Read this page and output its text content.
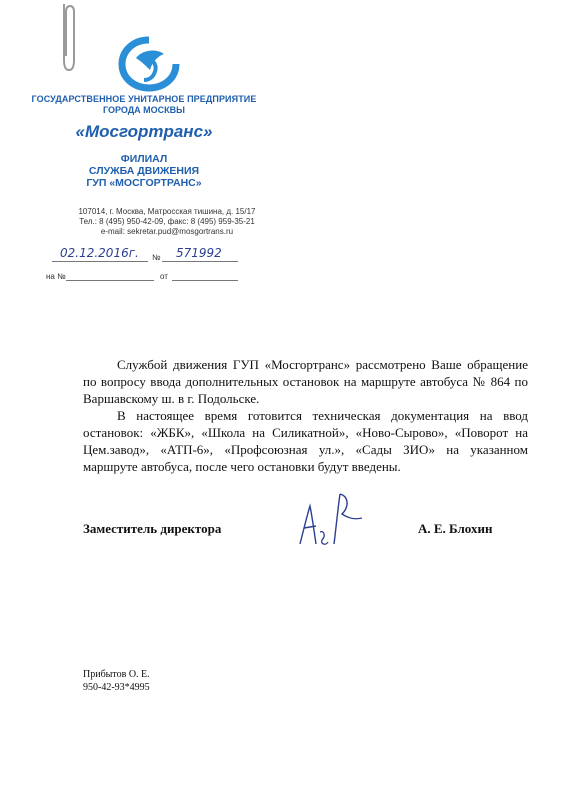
ГОСУДАРСТВЕННОЕ УНИТАРНОЕ ПРЕДПРИЯТИЕ
ГОРОДА МОСКВЫ
«Мосгортранс»
ФИЛИАЛ
СЛУЖБА ДВИЖЕНИЯ
ГУП «МОСГОРТРАНС»
107014, г. Москва, Матросская тишина, д. 15/17
Тел.: 8 (495) 950-42-09, факс: 8 (495) 959-35-21
e-mail: sekretar.pud@mosgortrans.ru
02.12.2016г. № 571992
на №	от

Службой движения ГУП «Мосгортранс» рассмотрено Ваше обращение по вопросу ввода дополнительных остановок на маршруте автобуса № 864 по Варшавскому ш. в г. Подольске.

В настоящее время готовится техническая документация на ввод остановок: «ЖБК», «Школа на Силикатной», «Ново-Сырово», «Поворот на Цем.завод», «АТП-6», «Профсоюзная ул.», «Сады ЗИО» на указанном маршруте автобуса, после чего остановки будут введены.

Заместитель директора	А. Е. Блохин
Прибытов О. Е.
950-42-93*4995
